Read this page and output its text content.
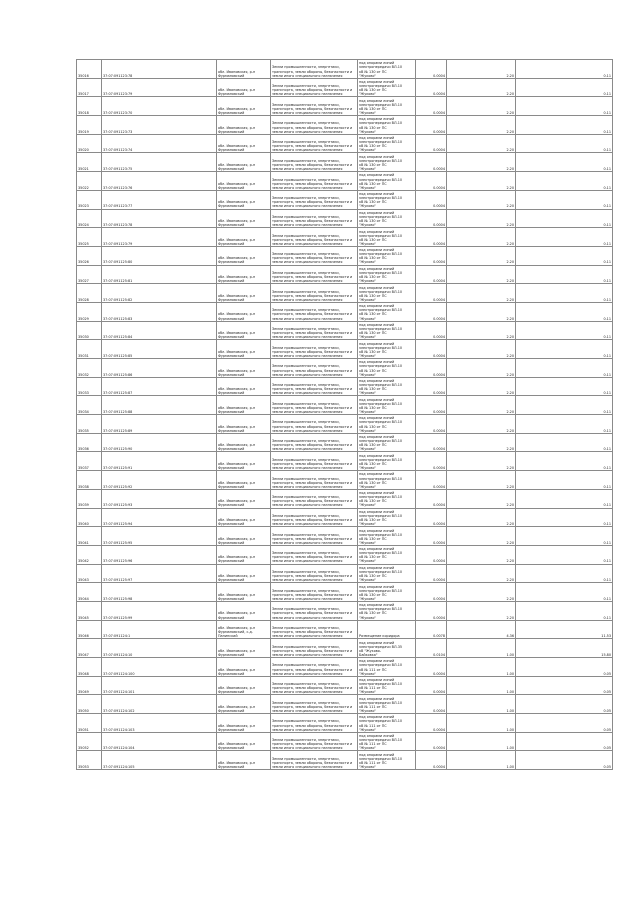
35016	37:07:091123:78	обл. Ивановская, р-н
Фурмановский	Земли промышленности, энергетики,
транспорта, земли обороны, безопасности и
земли иного специального назначения	под опорами линий
электропередачи ВЛ-10
кВ № 130 от ПС
"Жуково"	0.0004	2.20	0.11
35017	37:07:091123:79	обл. Ивановская, р-н
Фурмановский	Земли промышленности, энергетики,
транспорта, земли обороны, безопасности и
земли иного специального назначения	под опорами линий
электропередачи ВЛ-10
кВ № 130 от ПС
"Жуково"	0.0004	2.20	0.11
35018	37:07:091123:70	обл. Ивановская, р-н
Фурмановский	Земли промышленности, энергетики,
транспорта, земли обороны, безопасности и
земли иного специального назначения	под опорами линий
электропередачи ВЛ-10
кВ № 130 от ПС
"Жуково"	0.0004	2.20	0.11
35019	37:07:091123:73	обл. Ивановская, р-н
Фурмановский	Земли промышленности, энергетики,
транспорта, земли обороны, безопасности и
земли иного специального назначения	под опорами линий
электропередачи ВЛ-10
кВ № 130 от ПС
"Жуково"	0.0004	2.20	0.11
35020	37:07:091123:74	обл. Ивановская, р-н
Фурмановский	Земли промышленности, энергетики,
транспорта, земли обороны, безопасности и
земли иного специального назначения	под опорами линий
электропередачи ВЛ-10
кВ № 130 от ПС
"Жуково"	0.0004	2.20	0.11
35021	37:07:091123:75	обл. Ивановская, р-н
Фурмановский	Земли промышленности, энергетики,
транспорта, земли обороны, безопасности и
земли иного специального назначения	под опорами линий
электропередачи ВЛ-10
кВ № 130 от ПС
"Жуково"	0.0004	2.20	0.11
35022	37:07:091123:76	обл. Ивановская, р-н
Фурмановский	Земли промышленности, энергетики,
транспорта, земли обороны, безопасности и
земли иного специального назначения	под опорами линий
электропередачи ВЛ-10
кВ № 130 от ПС
"Жуково"	0.0004	2.20	0.11
35023	37:07:091123:77	обл. Ивановская, р-н
Фурмановский	Земли промышленности, энергетики,
транспорта, земли обороны, безопасности и
земли иного специального назначения	под опорами линий
электропередачи ВЛ-10
кВ № 130 от ПС
"Жуково"	0.0004	2.20	0.11
35024	37:07:091123:78	обл. Ивановская, р-н
Фурмановский	Земли промышленности, энергетики,
транспорта, земли обороны, безопасности и
земли иного специального назначения	под опорами линий
электропередачи ВЛ-10
кВ № 130 от ПС
"Жуково"	0.0004	2.20	0.11
35025	37:07:091123:79	обл. Ивановская, р-н
Фурмановский	Земли промышленности, энергетики,
транспорта, земли обороны, безопасности и
земли иного специального назначения	под опорами линий
электропередачи ВЛ-10
кВ № 130 от ПС
"Жуково"	0.0004	2.20	0.11
35026	37:07:091125:80	обл. Ивановская, р-н
Фурмановский	Земли промышленности, энергетики,
транспорта, земли обороны, безопасности и
земли иного специального назначения	под опорами линий
электропередачи ВЛ-10
кВ № 130 от ПС
"Жуково"	0.0004	2.20	0.11
35027	37:07:091125:81	обл. Ивановская, р-н
Фурмановский	Земли промышленности, энергетики,
транспорта, земли обороны, безопасности и
земли иного специального назначения	под опорами линий
электропередачи ВЛ-10
кВ № 130 от ПС
"Жуково"	0.0004	2.20	0.11
35028	37:07:091125:82	обл. Ивановская, р-н
Фурмановский	Земли промышленности, энергетики,
транспорта, земли обороны, безопасности и
земли иного специального назначения	под опорами линий
электропередачи ВЛ-10
кВ № 130 от ПС
"Жуково"	0.0004	2.20	0.11
35029	37:07:091125:83	обл. Ивановская, р-н
Фурмановский	Земли промышленности, энергетики,
транспорта, земли обороны, безопасности и
земли иного специального назначения	под опорами линий
электропередачи ВЛ-10
кВ № 130 от ПС
"Жуково"	0.0004	2.20	0.11
35030	37:07:091125:84	обл. Ивановская, р-н
Фурмановский	Земли промышленности, энергетики,
транспорта, земли обороны, безопасности и
земли иного специального назначения	под опорами линий
электропередачи ВЛ-10
кВ № 130 от ПС
"Жуково"	0.0004	2.20	0.11
35031	37:07:091125:85	обл. Ивановская, р-н
Фурмановский	Земли промышленности, энергетики,
транспорта, земли обороны, безопасности и
земли иного специального назначения	под опорами линий
электропередачи ВЛ-10
кВ № 130 от ПС
"Жуково"	0.0004	2.20	0.11
35032	37:07:091125:86	обл. Ивановская, р-н
Фурмановский	Земли промышленности, энергетики,
транспорта, земли обороны, безопасности и
земли иного специального назначения	под опорами линий
электропередачи ВЛ-10
кВ № 130 от ПС
"Жуково"	0.0004	2.20	0.11
35033	37:07:091125:87	обл. Ивановская, р-н
Фурмановский	Земли промышленности, энергетики,
транспорта, земли обороны, безопасности и
земли иного специального назначения	под опорами линий
электропередачи ВЛ-10
кВ № 130 от ПС
"Жуково"	0.0004	2.20	0.11
35034	37:07:091125:88	обл. Ивановская, р-н
Фурмановский	Земли промышленности, энергетики,
транспорта, земли обороны, безопасности и
земли иного специального назначения	под опорами линий
электропередачи ВЛ-10
кВ № 130 от ПС
"Жуково"	0.0004	2.20	0.11
35035	37:07:091125:89	обл. Ивановская, р-н
Фурмановский	Земли промышленности, энергетики,
транспорта, земли обороны, безопасности и
земли иного специального назначения	под опорами линий
электропередачи ВЛ-10
кВ № 130 от ПС
"Жуково"	0.0004	2.20	0.11
35036	37:07:091125:90	обл. Ивановская, р-н
Фурмановский	Земли промышленности, энергетики,
транспорта, земли обороны, безопасности и
земли иного специального назначения	под опорами линий
электропередачи ВЛ-10
кВ № 130 от ПС
"Жуково"	0.0004	2.20	0.11
35037	37:07:091125:91	обл. Ивановская, р-н
Фурмановский	Земли промышленности, энергетики,
транспорта, земли обороны, безопасности и
земли иного специального назначения	под опорами линий
электропередачи ВЛ-10
кВ № 130 от ПС
"Жуково"	0.0004	2.20	0.11
35038	37:07:091125:92	обл. Ивановская, р-н
Фурмановский	Земли промышленности, энергетики,
транспорта, земли обороны, безопасности и
земли иного специального назначения	под опорами линий
электропередачи ВЛ-10
кВ № 130 от ПС
"Жуково"	0.0004	2.20	0.11
35039	37:07:091125:93	обл. Ивановская, р-н
Фурмановский	Земли промышленности, энергетики,
транспорта, земли обороны, безопасности и
земли иного специального назначения	под опорами линий
электропередачи ВЛ-10
кВ № 130 от ПС
"Жуково"	0.0004	2.20	0.11
35040	37:07:091125:94	обл. Ивановская, р-н
Фурмановский	Земли промышленности, энергетики,
транспорта, земли обороны, безопасности и
земли иного специального назначения	под опорами линий
электропередачи ВЛ-10
кВ № 130 от ПС
"Жуково"	0.0004	2.20	0.11
35041	37:07:091125:95	обл. Ивановская, р-н
Фурмановский	Земли промышленности, энергетики,
транспорта, земли обороны, безопасности и
земли иного специального назначения	под опорами линий
электропередачи ВЛ-10
кВ № 130 от ПС
"Жуково"	0.0004	2.20	0.11
35042	37:07:091125:96	обл. Ивановская, р-н
Фурмановский	Земли промышленности, энергетики,
транспорта, земли обороны, безопасности и
земли иного специального назначения	под опорами линий
электропередачи ВЛ-10
кВ № 130 от ПС
"Жуково"	0.0004	2.20	0.11
35043	37:07:091125:97	обл. Ивановская, р-н
Фурмановский	Земли промышленности, энергетики,
транспорта, земли обороны, безопасности и
земли иного специального назначения	под опорами линий
электропередачи ВЛ-10
кВ № 130 от ПС
"Жуково"	0.0004	2.20	0.11
35044	37:07:091125:98	обл. Ивановская, р-н
Фурмановский	Земли промышленности, энергетики,
транспорта, земли обороны, безопасности и
земли иного специального назначения	под опорами линий
электропередачи ВЛ-10
кВ № 130 от ПС
"Жуково"	0.0004	2.20	0.11
35045	37:07:091125:99	обл. Ивановская, р-н
Фурмановский	Земли промышленности, энергетики,
транспорта, земли обороны, безопасности и
земли иного специального назначения	под опорами линий
электропередачи ВЛ-10
кВ № 130 от ПС
"Жуково"	0.0004	2.20	0.11
35046	37:07:091124:1	обл. Ивановская, р-н
Фурмановский, с.д.
Панинский	Земли промышленности, энергетики,
транспорта, земли обороны, безопасности и
земли иного специального назначения	Размещение коридора	0.0078	4.36	11.53
35047	37:07:091124:10	обл. Ивановская, р-н
Фурмановский	Земли промышленности, энергетики,
транспорта, земли обороны, безопасности и
земли иного специального назначения	под опорами линий
электропередачи ВЛ-35
кВ "Жуково-
Байковка"	0.0104	1.00	15.80
35048	37:07:091124:100	обл. Ивановская, р-н
Фурмановский	Земли промышленности, энергетики,
транспорта, земли обороны, безопасности и
земли иного специального назначения	под опорами линий
электропередачи ВЛ-10
кВ № 111 от ПС
"Жуково"	0.0004	1.00	0.05
35049	37:07:091124:101	обл. Ивановская, р-н
Фурмановский	Земли промышленности, энергетики,
транспорта, земли обороны, безопасности и
земли иного специального назначения	под опорами линий
электропередачи ВЛ-10
кВ № 111 от ПС
"Жуково"	0.0004	1.00	0.05
35050	37:07:091124:102	обл. Ивановская, р-н
Фурмановский	Земли промышленности, энергетики,
транспорта, земли обороны, безопасности и
земли иного специального назначения	под опорами линий
электропередачи ВЛ-10
кВ № 111 от ПС
"Жуково"	0.0004	1.00	0.05
35051	37:07:091124:103	обл. Ивановская, р-н
Фурмановский	Земли промышленности, энергетики,
транспорта, земли обороны, безопасности и
земли иного специального назначения	под опорами линий
электропередачи ВЛ-10
кВ № 111 от ПС
"Жуково"	0.0004	1.00	0.05
35052	37:07:091124:104	обл. Ивановская, р-н
Фурмановский	Земли промышленности, энергетики,
транспорта, земли обороны, безопасности и
земли иного специального назначения	под опорами линий
электропередачи ВЛ-10
кВ № 111 от ПС
"Жуково"	0.0004	1.00	0.05
35053	37:07:091124:105	обл. Ивановская, р-н
Фурмановский	Земли промышленности, энергетики,
транспорта, земли обороны, безопасности и
земли иного специального назначения	под опорами линий
электропередачи ВЛ-10
кВ № 111 от ПС
"Жуково"	0.0004	1.00	0.05
